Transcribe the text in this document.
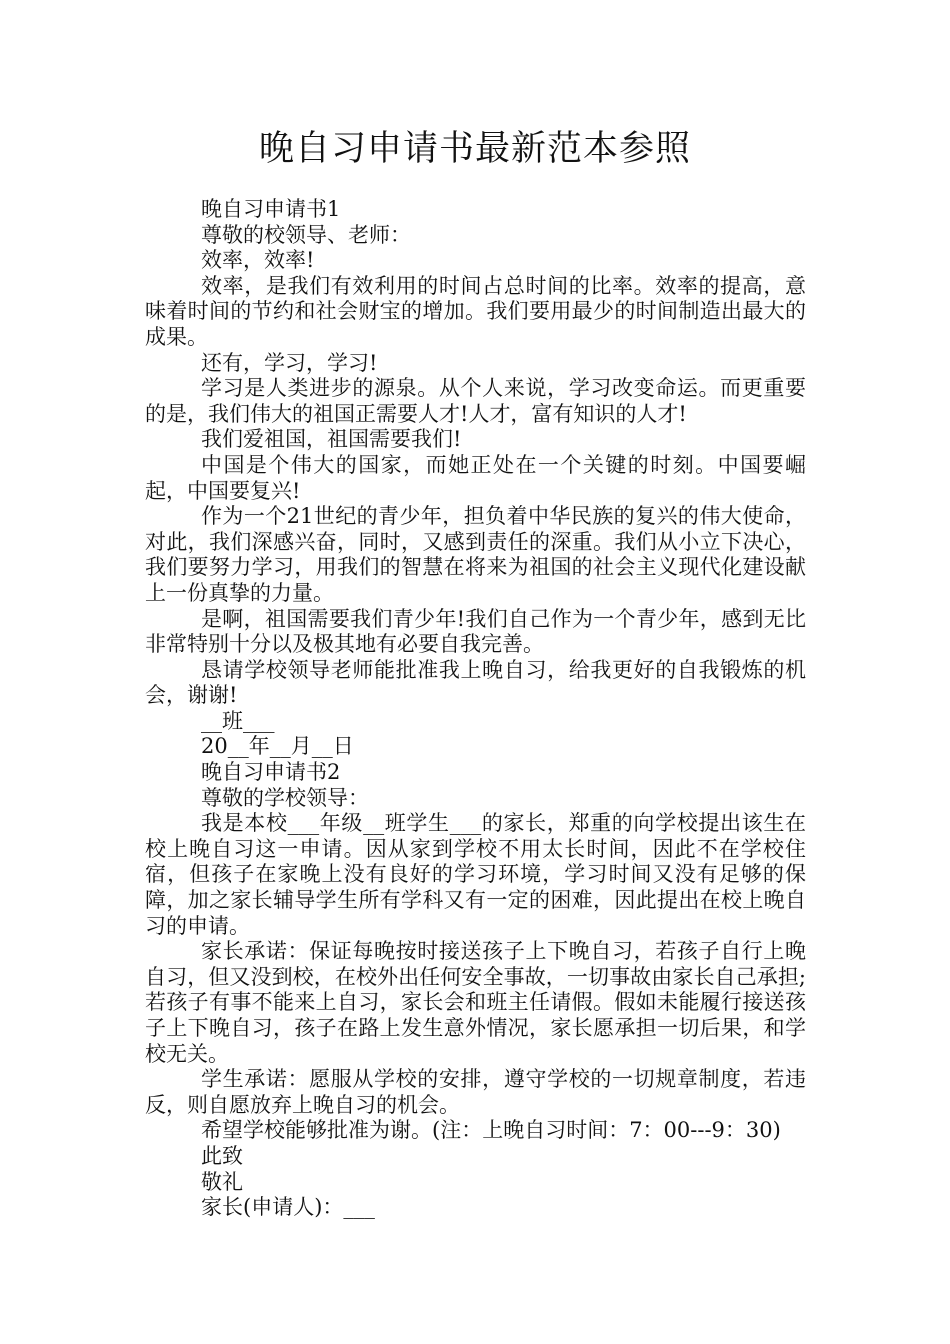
晚自习申请书最新范本参照

晚自习申请书1

尊敬的校领导、老师：

效率，效率!

效率，是我们有效利用的时间占总时间的比率。效率的提高，意味着时间的节约和社会财宝的增加。我们要用最少的时间制造出最大的成果。

还有，学习，学习!

学习是人类进步的源泉。从个人来说，学习改变命运。而更重要的是，我们伟大的祖国正需要人才!人才，富有知识的人才!

我们爱祖国，祖国需要我们!

中国是个伟大的国家，而她正处在一个关键的时刻。中国要崛起，中国要复兴!

作为一个21世纪的青少年，担负着中华民族的复兴的伟大使命，对此，我们深感兴奋，同时，又感到责任的深重。我们从小立下决心，我们要努力学习，用我们的智慧在将来为祖国的社会主义现代化建设献上一份真挚的力量。

是啊，祖国需要我们青少年!我们自己作为一个青少年，感到无比非常特别十分以及极其地有必要自我完善。

恳请学校领导老师能批准我上晚自习，给我更好的自我锻炼的机会，谢谢!

__班___

20__年__月__日

晚自习申请书2

尊敬的学校领导：

我是本校___年级__班学生___的家长，郑重的向学校提出该生在校上晚自习这一申请。因从家到学校不用太长时间，因此不在学校住宿，但孩子在家晚上没有良好的学习环境，学习时间又没有足够的保障，加之家长辅导学生所有学科又有一定的困难，因此提出在校上晚自习的申请。

家长承诺：保证每晚按时接送孩子上下晚自习，若孩子自行上晚自习，但又没到校，在校外出任何安全事故，一切事故由家长自己承担;若孩子有事不能来上自习，家长会和班主任请假。假如未能履行接送孩子上下晚自习，孩子在路上发生意外情况，家长愿承担一切后果，和学校无关。

学生承诺：愿服从学校的安排，遵守学校的一切规章制度，若违反，则自愿放弃上晚自习的机会。

希望学校能够批准为谢。(注：上晚自习时间：7：00---9：30)

此致

敬礼

家长(申请人)：___
